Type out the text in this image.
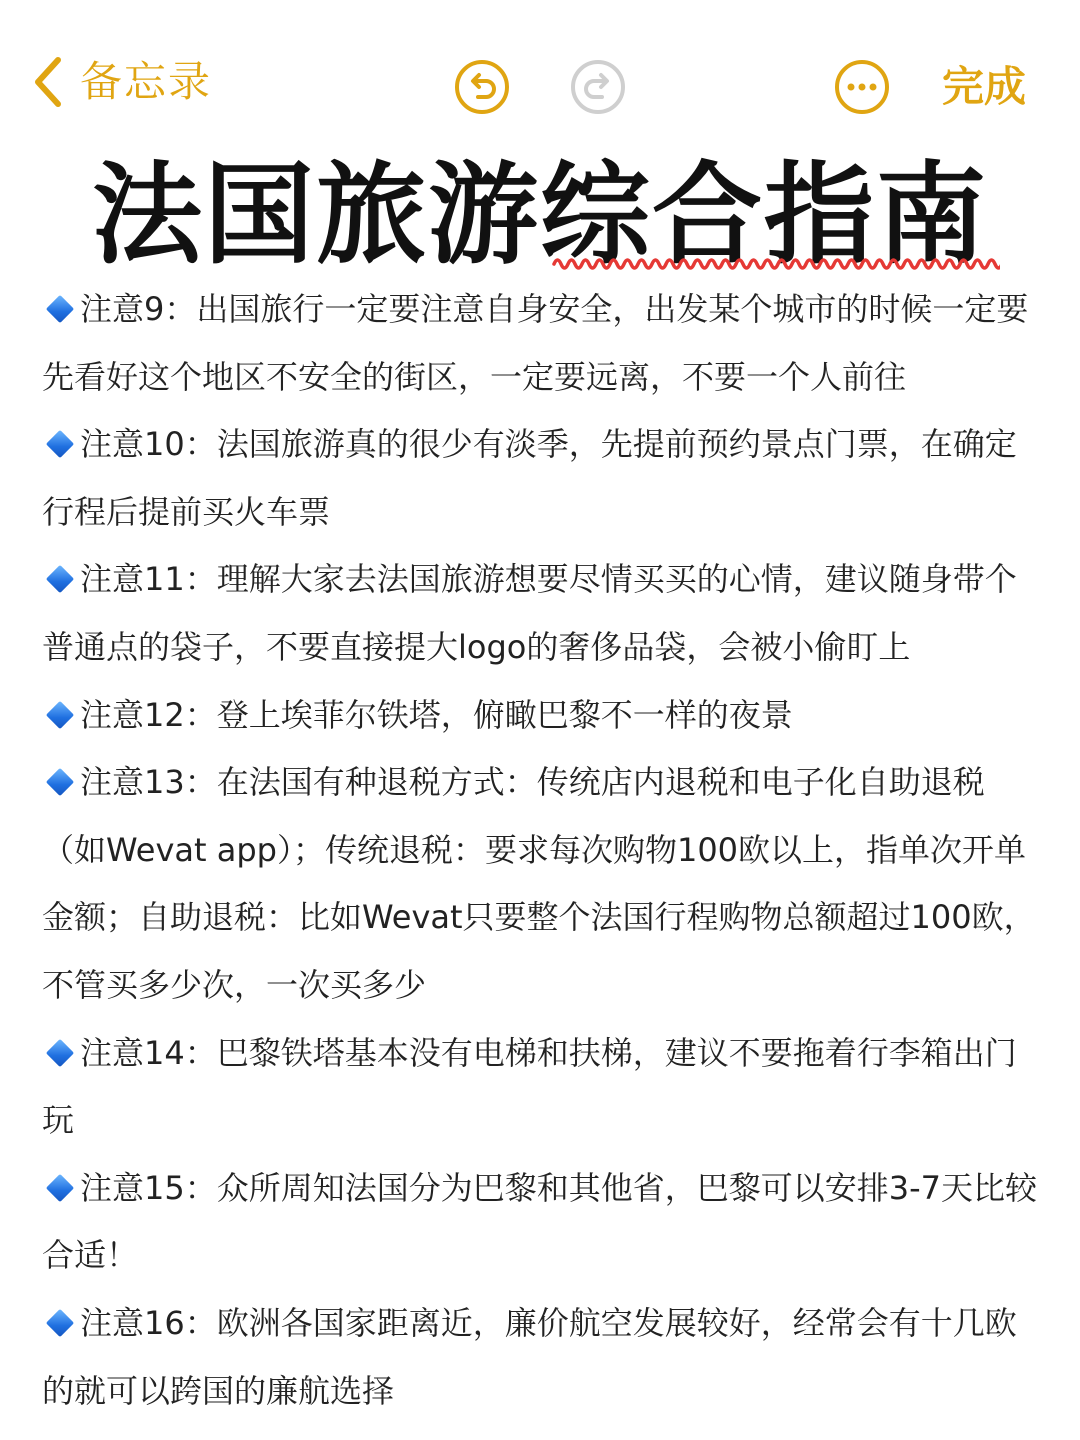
备忘录	完成
法国旅游综合指南

注意9：出国旅行一定要注意自身安全，出发某个城市的时候一定要先看好这个地区不安全的街区，一定要远离，不要一个人前往

注意10：法国旅游真的很少有淡季，先提前预约景点门票，在确定行程后提前买火车票

注意11：理解大家去法国旅游想要尽情买买的心情，建议随身带个普通点的袋子，不要直接提大logo的奢侈品袋，会被小偷盯上

注意12：登上埃菲尔铁塔，俯瞰巴黎不一样的夜景

注意13：在法国有种退税方式：传统店内退税和电子化自助退税（如Wevat app）；传统退税：要求每次购物100欧以上，指单次开单金额；自助退税：比如Wevat只要整个法国行程购物总额超过100欧，不管买多少次，一次买多少

注意14：巴黎铁塔基本没有电梯和扶梯，建议不要拖着行李箱出门玩

注意15：众所周知法国分为巴黎和其他省，巴黎可以安排3-7天比较合适！

注意16：欧洲各国家距离近，廉价航空发展较好，经常会有十几欧的就可以跨国的廉航选择
